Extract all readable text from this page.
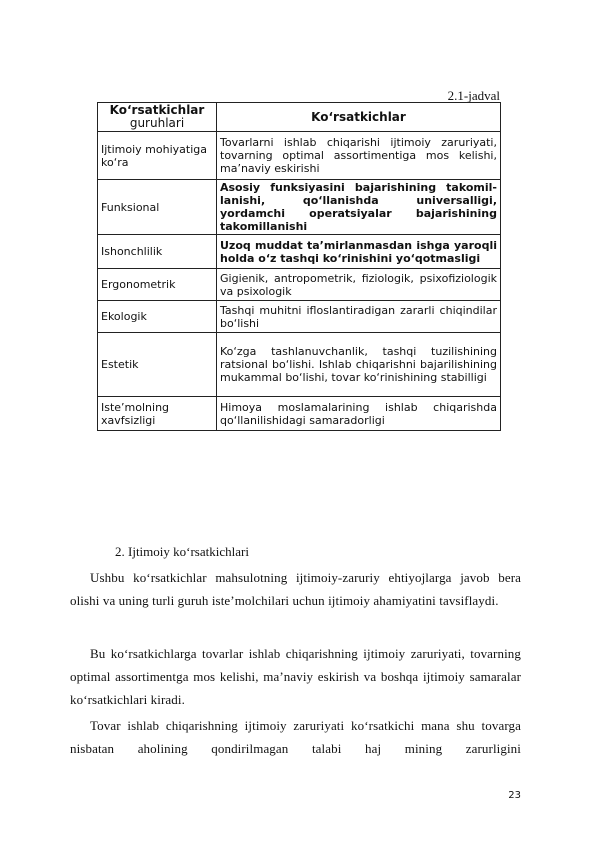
2.1-jadval
Ko‘rsatkichlar
guruhlari	Ko‘rsatkichlar
Ijtimoiy mohiyatiga ko‘ra	Tovarlarni ishlab chiqarishi ijtimoiy zaruriyati, tovarning optimal assortimentiga mos kelishi, ma’naviy eskirishi
Funksional	Asosiy funksiyasini bajarishining takomil-lanishi, qo‘llanishda universalligi, yordamchi operatsiyalar bajarishining takomillanishi
Ishonchlilik	Uzoq muddat ta’mirlanmasdan ishga yaroqli holda o‘z tashqi ko‘rinishini yo‘qotmasligi
Ergonometrik	Gigienik, antropometrik, fiziologik, psixofiziologik va psixologik
Ekologik	Tashqi muhitni ifloslantiradigan zararli chiqindilar bo‘lishi
Estetik	Ko‘zga tashlanuvchanlik, tashqi tuzilishining ratsional bo‘lishi. Ishlab chiqarishni bajarilishining mukammal bo‘lishi, tovar ko‘rinishining stabilligi
Iste’molning xavfsizligi	Himoya moslamalarining ishlab chiqarishda qo‘llanilishidagi samaradorligi
2. Ijtimoiy ko‘rsatkichlari

Ushbu ko‘rsatkichlar mahsulotning ijtimoiy-zaruriy ehtiyojlarga javob bera olishi va uning turli guruh iste’molchilari uchun ijtimoiy ahamiyatini tavsiflaydi.

Bu ko‘rsatkichlarga tovarlar ishlab chiqarishning ijtimoiy zaruriyati, tovarning optimal assortimentga mos kelishi, ma’naviy eskirish va boshqa ijtimoiy samaralar ko‘rsatkichlari kiradi.

Tovar ishlab chiqarishning ijtimoiy zaruriyati ko‘rsatkichi mana shu tovarga nisbatan aholining qondirilmagan talabi haj mining zarurligini

23
